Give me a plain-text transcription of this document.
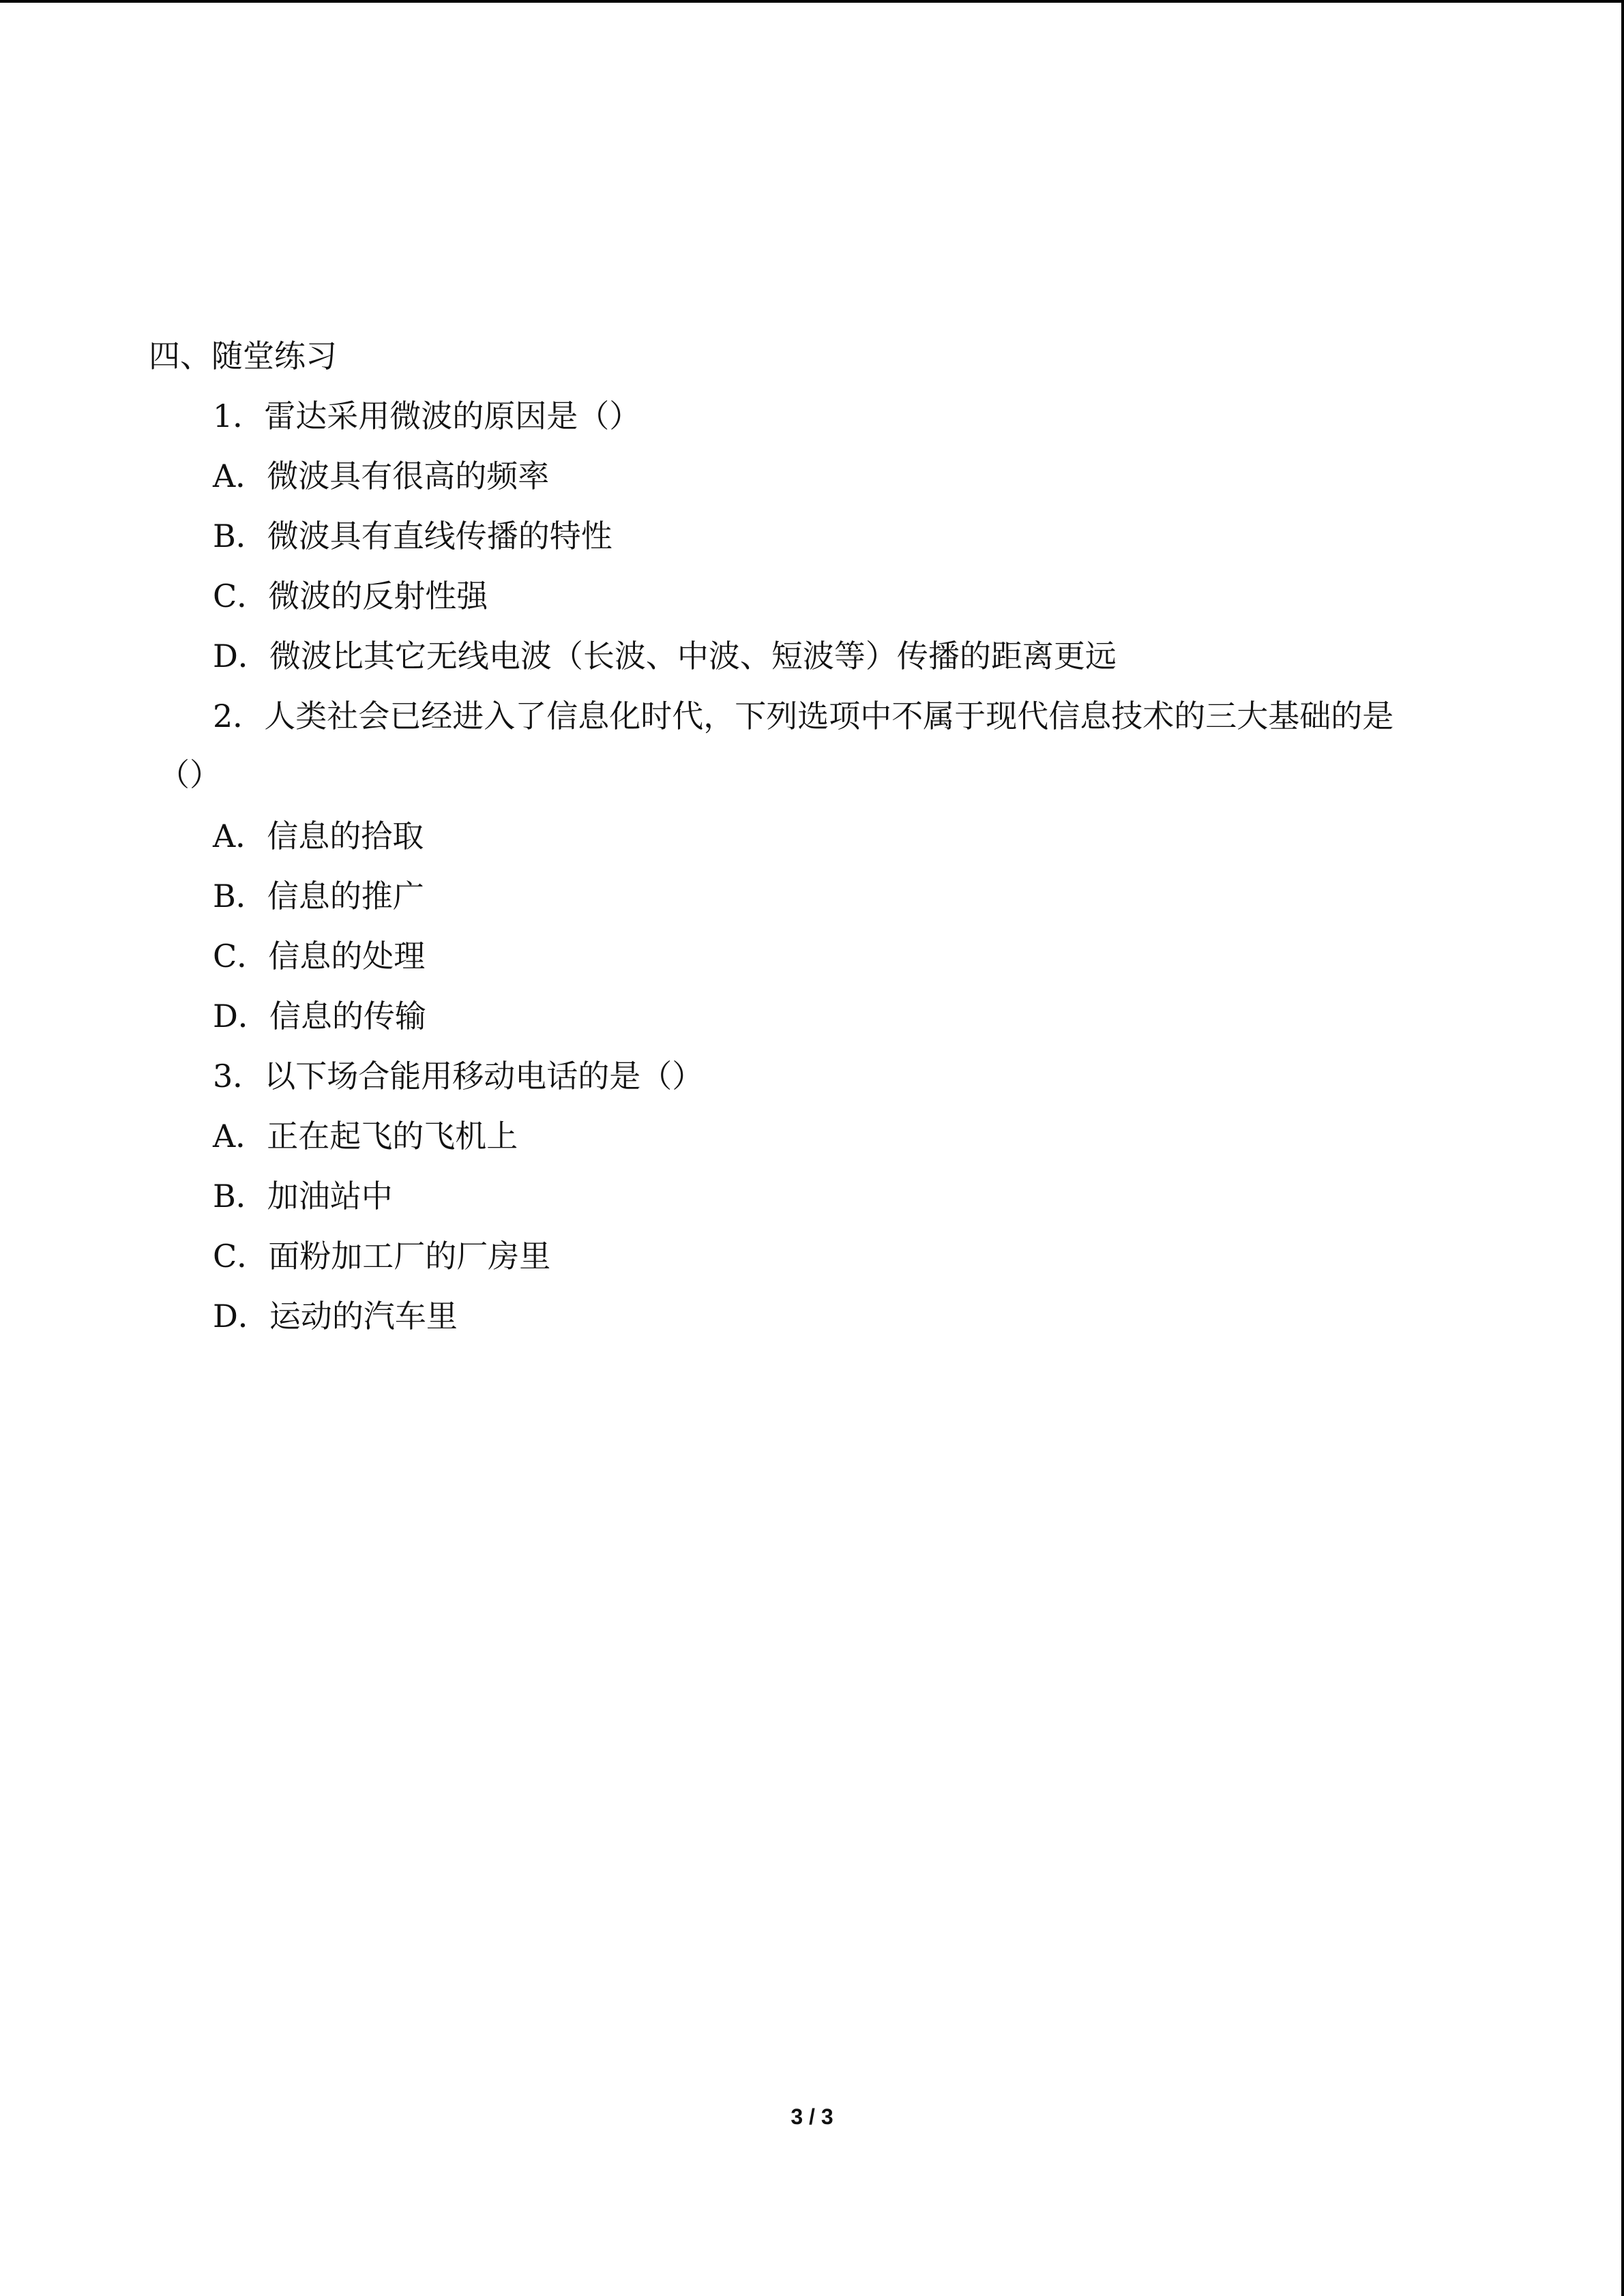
四、随堂练习
1．雷达采用微波的原因是（）
A．微波具有很高的频率
B．微波具有直线传播的特性
C．微波的反射性强
D．微波比其它无线电波（长波、中波、短波等）传播的距离更远
2．人类社会已经进入了信息化时代，下列选项中不属于现代信息技术的三大基础的是
（）
A．信息的拾取
B．信息的推广
C．信息的处理
D．信息的传输
3．以下场合能用移动电话的是（）
A．正在起飞的飞机上
B．加油站中
C．面粉加工厂的厂房里
D．运动的汽车里
3 / 3
